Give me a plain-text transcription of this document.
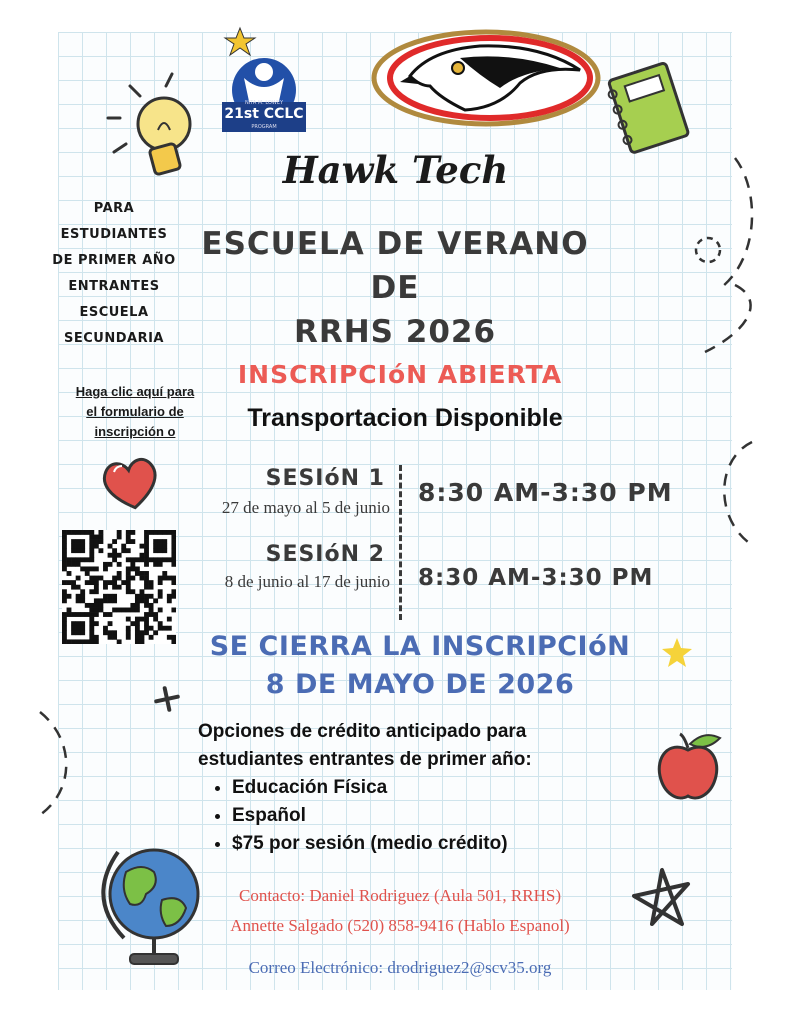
21st CCLC
NITA M. LOWEY
PROGRAM
Hawk Tech
PARA
ESTUDIANTES
DE PRIMER AÑO
ENTRANTES
ESCUELA
SECUNDARIA
ESCUELA DE VERANO DE
RRHS 2026
INSCRIPCIóN ABIERTA
Haga clic aquí para
el formulario de
inscripción o	Transportacion Disponible
SESIóN 1
27 de mayo al 5 de junio
8:30 AM-3:30 PM
SESIóN 2
8 de junio al 17 de junio 8:30 AM-3:30 PM
SE CIERRA LA INSCRIPCIóN
8 DE MAYO DE 2026
Opciones de crédito anticipado para
estudiantes entrantes de primer año:
• Educación Física
• Español
• $75 por sesión (medio crédito)
Contacto: Daniel Rodriguez (Aula 501, RRHS)
Annette Salgado (520) 858-9416 (Hablo Espanol)
Correo Electrónico: drodriguez2@scv35.org
